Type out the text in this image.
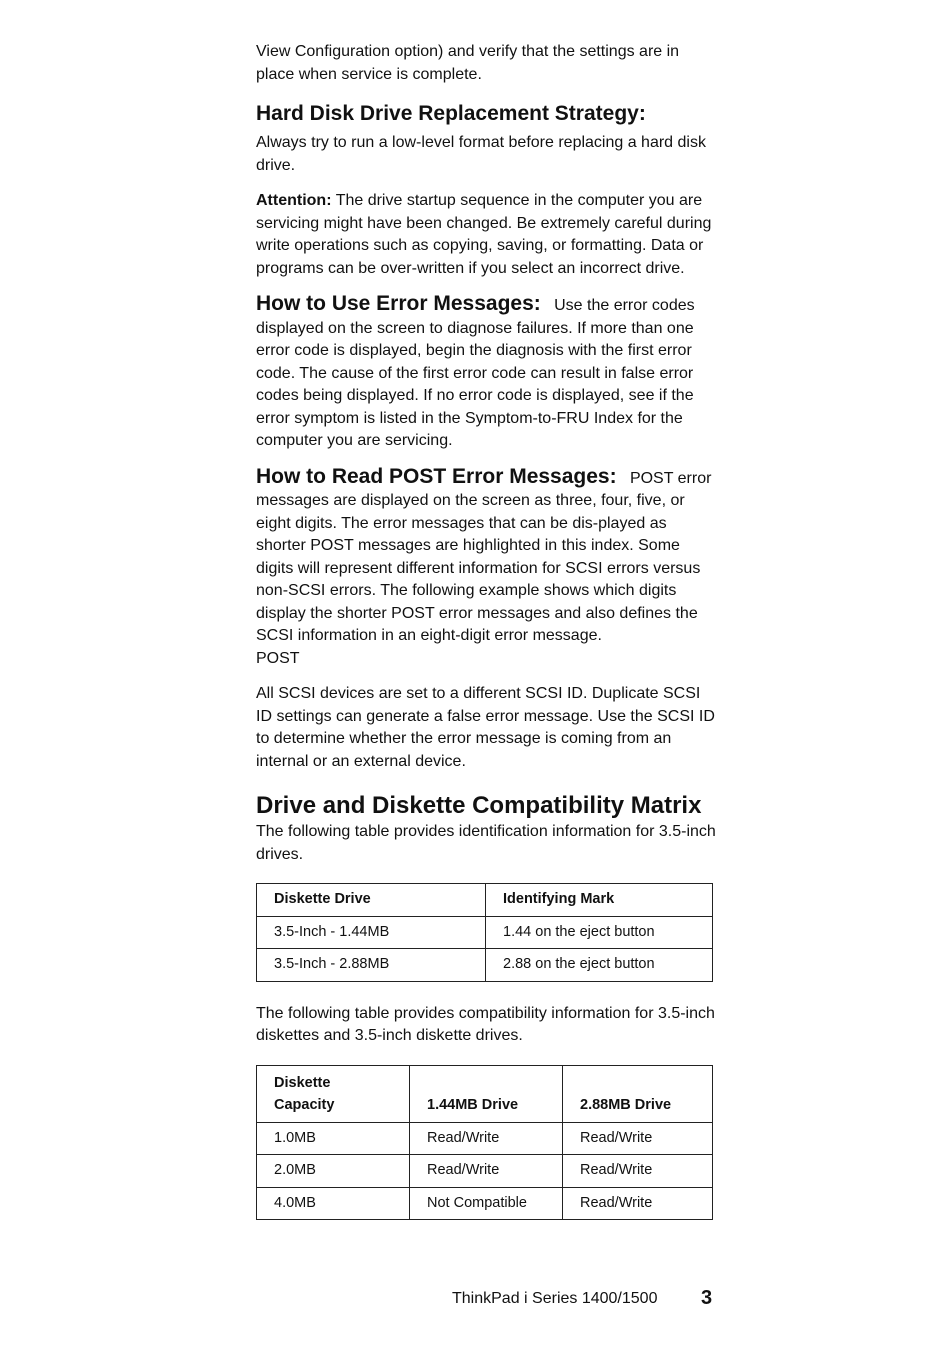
View Configuration option) and verify that the settings are in place when service is complete.

Hard Disk Drive Replacement Strategy:

Always try to run a low-level format before replacing a hard disk drive.

Attention: The drive startup sequence in the computer you are servicing might have been changed. Be extremely careful during write operations such as copying, saving, or formatting. Data or programs can be over-written if you select an incorrect drive.

How to Use Error Messages: Use the error codes displayed on the screen to diagnose failures. If more than one error code is displayed, begin the diagnosis with the first error code. The cause of the first error code can result in false error codes being displayed. If no error code is displayed, see if the error symptom is listed in the Symptom-to-FRU Index for the computer you are servicing.

How to Read POST Error Messages: POST error messages are displayed on the screen as three, four, five, or eight digits. The error messages that can be dis-played as shorter POST messages are highlighted in this index. Some digits will represent different information for SCSI errors versus non-SCSI errors. The following example shows which digits display the shorter POST error messages and also defines the SCSI information in an eight-digit error message.

POST

All SCSI devices are set to a different SCSI ID. Duplicate SCSI ID settings can generate a false error message. Use the SCSI ID to determine whether the error message is coming from an internal or an external device.

Drive and Diskette Compatibility Matrix

The following table provides identification information for 3.5-inch drives.

Diskette Drive	Identifying Mark
3.5-Inch - 1.44MB	1.44 on the eject button
3.5-Inch - 2.88MB	2.88 on the eject button

The following table provides compatibility information for 3.5-inch diskettes and 3.5-inch diskette drives.

Diskette
Capacity	1.44MB Drive	2.88MB Drive
1.0MB	Read/Write	Read/Write
2.0MB	Read/Write	Read/Write
4.0MB	Not Compatible	Read/Write
ThinkPad i Series 1400/1500 3
